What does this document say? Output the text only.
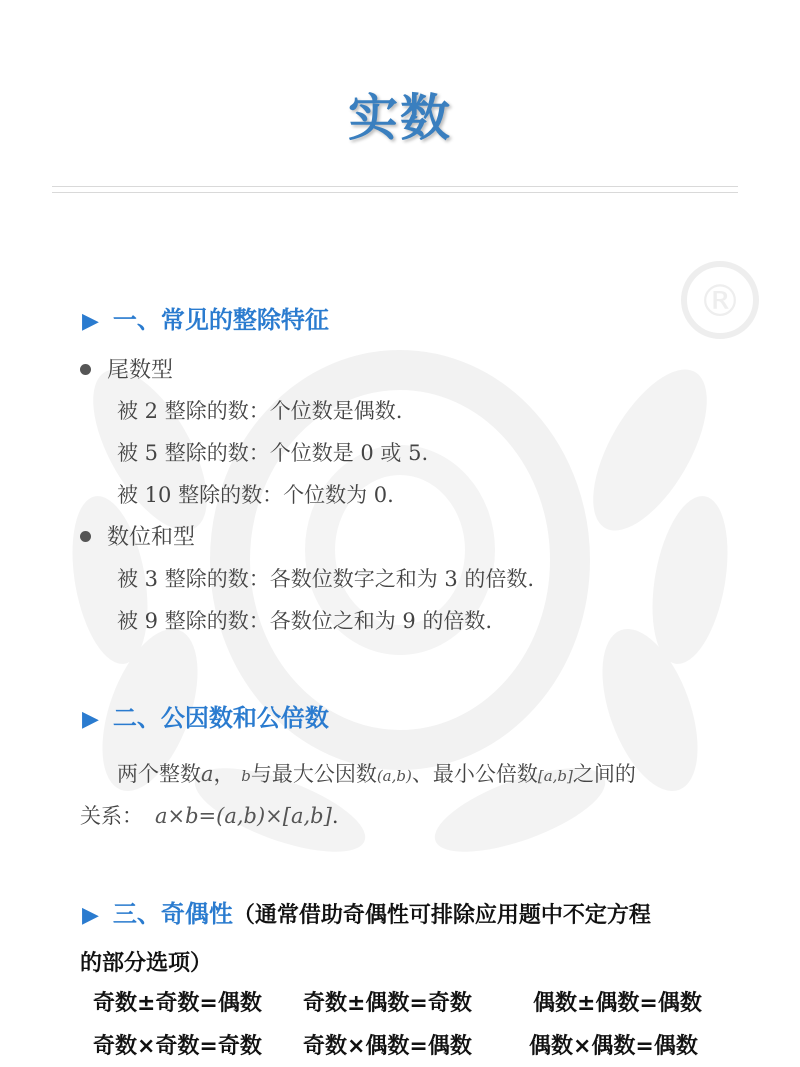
®
实数
▶ 一、常见的整除特征
尾数型
被 2 整除的数：个位数是偶数.
被 5 整除的数：个位数是 0 或 5.
被 10 整除的数：个位数为 0.
数位和型
被 3 整除的数：各数位数字之和为 3 的倍数.
被 9 整除的数：各数位之和为 9 的倍数.
▶ 二、公因数和公倍数
两个整数a， b与最大公因数(a,b)、最小公倍数[a,b]之间的
关系： a×b=(a,b)×[a,b].
▶ 三、奇偶性（通常借助奇偶性可排除应用题中不定方程
的部分选项）
奇数±奇数=偶数 奇数±偶数=奇数	偶数±偶数=偶数
奇数×奇数=奇数 奇数×偶数=偶数	偶数×偶数=偶数
